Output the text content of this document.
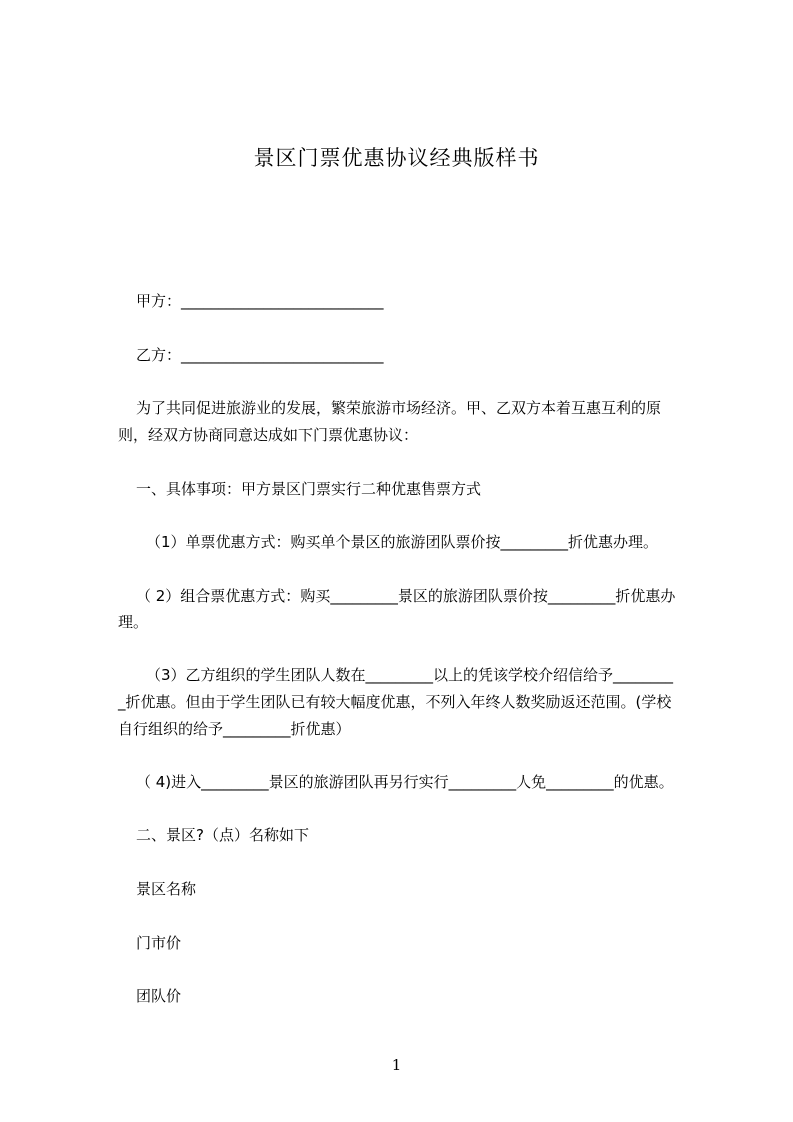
景区门票优惠协议经典版样书
甲方：___________________________
乙方：___________________________
为了共同促进旅游业的发展，繁荣旅游市场经济。甲、乙双方本着互惠互利的原
则，经双方协商同意达成如下门票优惠协议：
一、具体事项：甲方景区门票实行二种优惠售票方式
（1）单票优惠方式：购买单个景区的旅游团队票价按_________折优惠办理。
（ 2）组合票优惠方式：购买_________景区的旅游团队票价按_________折优惠办
理。
（3）乙方组织的学生团队人数在_________以上的凭该学校介绍信给予________
_折优惠。但由于学生团队已有较大幅度优惠，不列入年终人数奖励返还范围。(学校
自行组织的给予_________折优惠）
（ 4)进入_________景区的旅游团队再另行实行_________人免_________的优惠。
二、景区?（点）名称如下
景区名称
门市价
团队价
1
